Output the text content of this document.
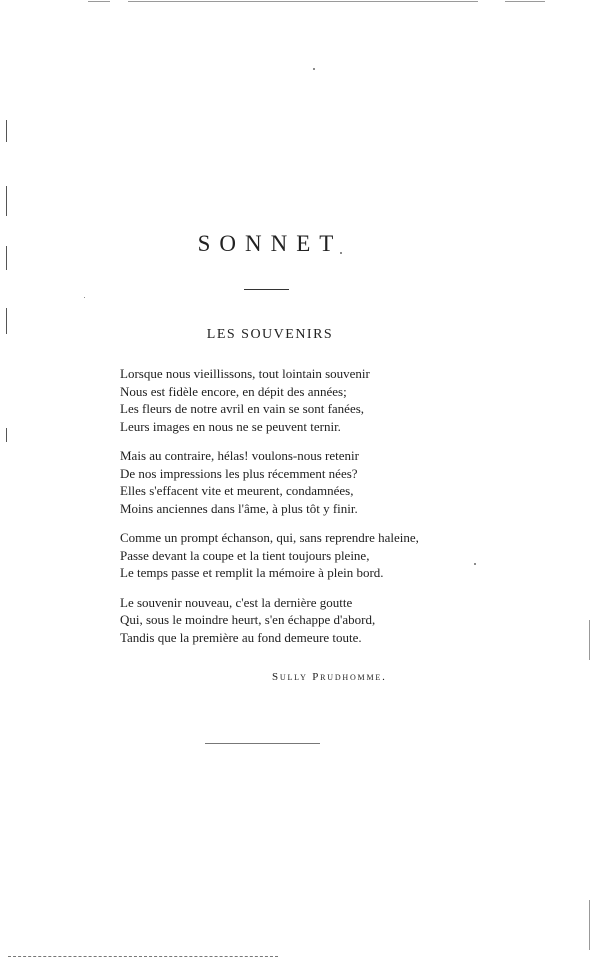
SONNET
LES SOUVENIRS
Lorsque nous vieillissons, tout lointain souvenir
Nous est fidèle encore, en dépit des années;
Les fleurs de notre avril en vain se sont fanées,
Leurs images en nous ne se peuvent ternir.
Mais au contraire, hélas! voulons-nous retenir
De nos impressions les plus récemment nées?
Elles s'effacent vite et meurent, condamnées,
Moins anciennes dans l'âme, à plus tôt y finir.
Comme un prompt échanson, qui, sans reprendre haleine,
Passe devant la coupe et la tient toujours pleine,
Le temps passe et remplit la mémoire à plein bord.
Le souvenir nouveau, c'est la dernière goutte
Qui, sous le moindre heurt, s'en échappe d'abord,
Tandis que la première au fond demeure toute.
Sully Prudhomme.
